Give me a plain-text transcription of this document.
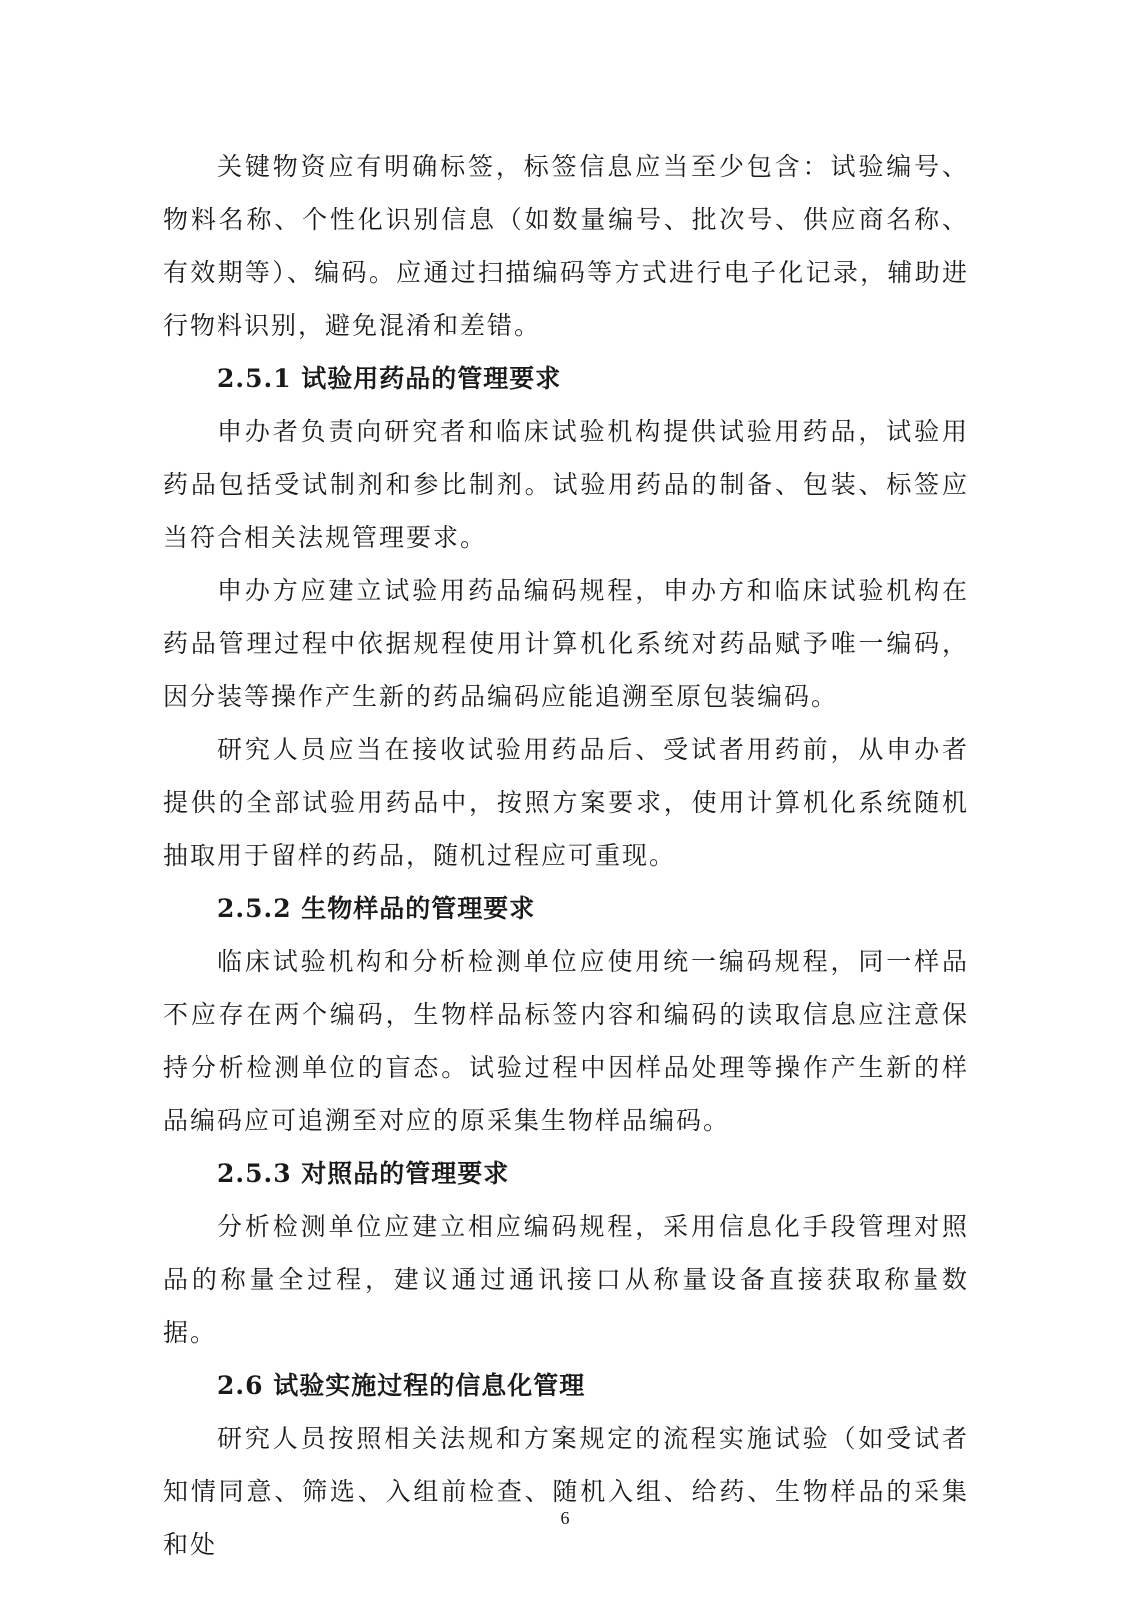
关键物资应有明确标签，标签信息应当至少包含：试验编号、物料名称、个性化识别信息（如数量编号、批次号、供应商名称、有效期等）、编码。应通过扫描编码等方式进行电子化记录，辅助进行物料识别，避免混淆和差错。

2.5.1 试验用药品的管理要求

申办者负责向研究者和临床试验机构提供试验用药品，试验用药品包括受试制剂和参比制剂。试验用药品的制备、包装、标签应当符合相关法规管理要求。

申办方应建立试验用药品编码规程，申办方和临床试验机构在药品管理过程中依据规程使用计算机化系统对药品赋予唯一编码，因分装等操作产生新的药品编码应能追溯至原包装编码。

研究人员应当在接收试验用药品后、受试者用药前，从申办者提供的全部试验用药品中，按照方案要求，使用计算机化系统随机抽取用于留样的药品，随机过程应可重现。

2.5.2 生物样品的管理要求

临床试验机构和分析检测单位应使用统一编码规程，同一样品不应存在两个编码，生物样品标签内容和编码的读取信息应注意保持分析检测单位的盲态。试验过程中因样品处理等操作产生新的样品编码应可追溯至对应的原采集生物样品编码。

2.5.3 对照品的管理要求

分析检测单位应建立相应编码规程，采用信息化手段管理对照品的称量全过程，建议通过通讯接口从称量设备直接获取称量数据。

2.6 试验实施过程的信息化管理

研究人员按照相关法规和方案规定的流程实施试验（如受试者知情同意、筛选、入组前检查、随机入组、给药、生物样品的采集和处

6
